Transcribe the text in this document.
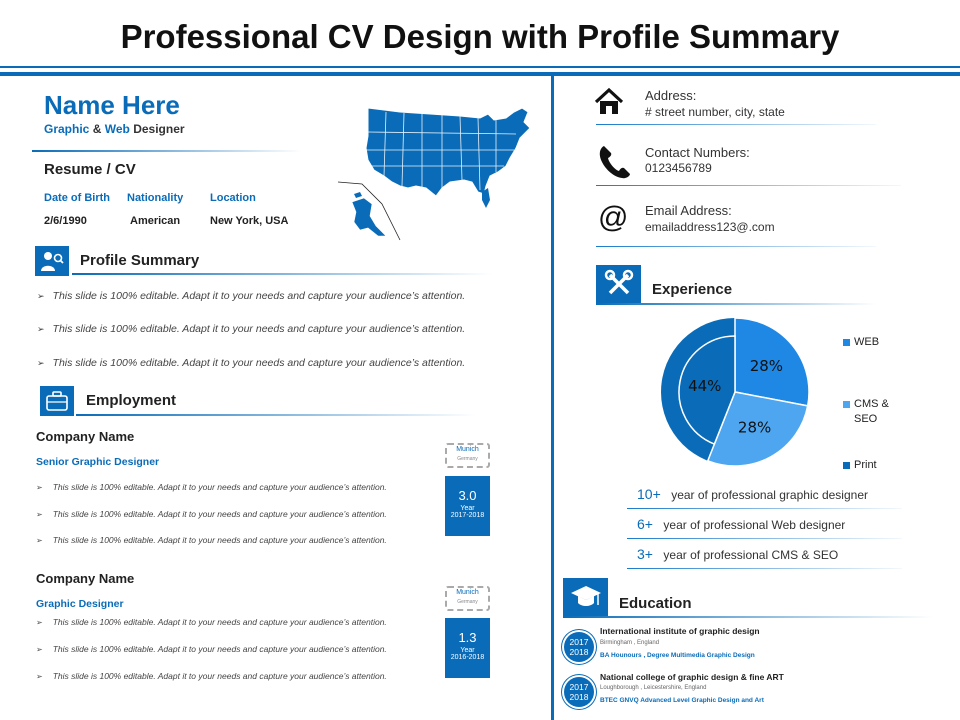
Professional CV Design with Profile Summary
Name Here
Graphic & Web Designer
Resume / CV
Date of Birth Nationality Location
2/6/1990	American	New York, USA
Profile Summary
➢ This slide is 100% editable. Adapt it to your needs and capture your audience’s attention.
➢ This slide is 100% editable. Adapt it to your needs and capture your audience’s attention.
➢ This slide is 100% editable. Adapt it to your needs and capture your audience’s attention.
Employment
Company Name
Senior Graphic Designer
➢ This slide is 100% editable. Adapt it to your needs and capture your audience’s attention.
➢ This slide is 100% editable. Adapt it to your needs and capture your audience’s attention.
➢ This slide is 100% editable. Adapt it to your needs and capture your audience’s attention.
Munich
Germany
3.0
Year
2017-2018
Company Name
Graphic Designer
➢ This slide is 100% editable. Adapt it to your needs and capture your audience’s attention.
➢ This slide is 100% editable. Adapt it to your needs and capture your audience’s attention.
➢ This slide is 100% editable. Adapt it to your needs and capture your audience’s attention.
Munich
Germany
1.3
Year
2016-2018
Address:
# street number, city, state
Contact Numbers:
0123456789
@ Email Address:
emailaddress123@.com
Experience
28%
28%
44%
WEB
CMS & SEO
Print
10+ year of professional graphic designer
6+ year of professional Web designer
3+ year of professional CMS & SEO
Education
2017
2018
International institute of graphic design
Birmingham , England
BA Hounours , Degree Multimedia Graphic Design
2017
2018
National college of graphic design & fine ART
Loughborough , Leicestershire, England
BTEC GNVQ Advanced Level Graphic Design and Art
